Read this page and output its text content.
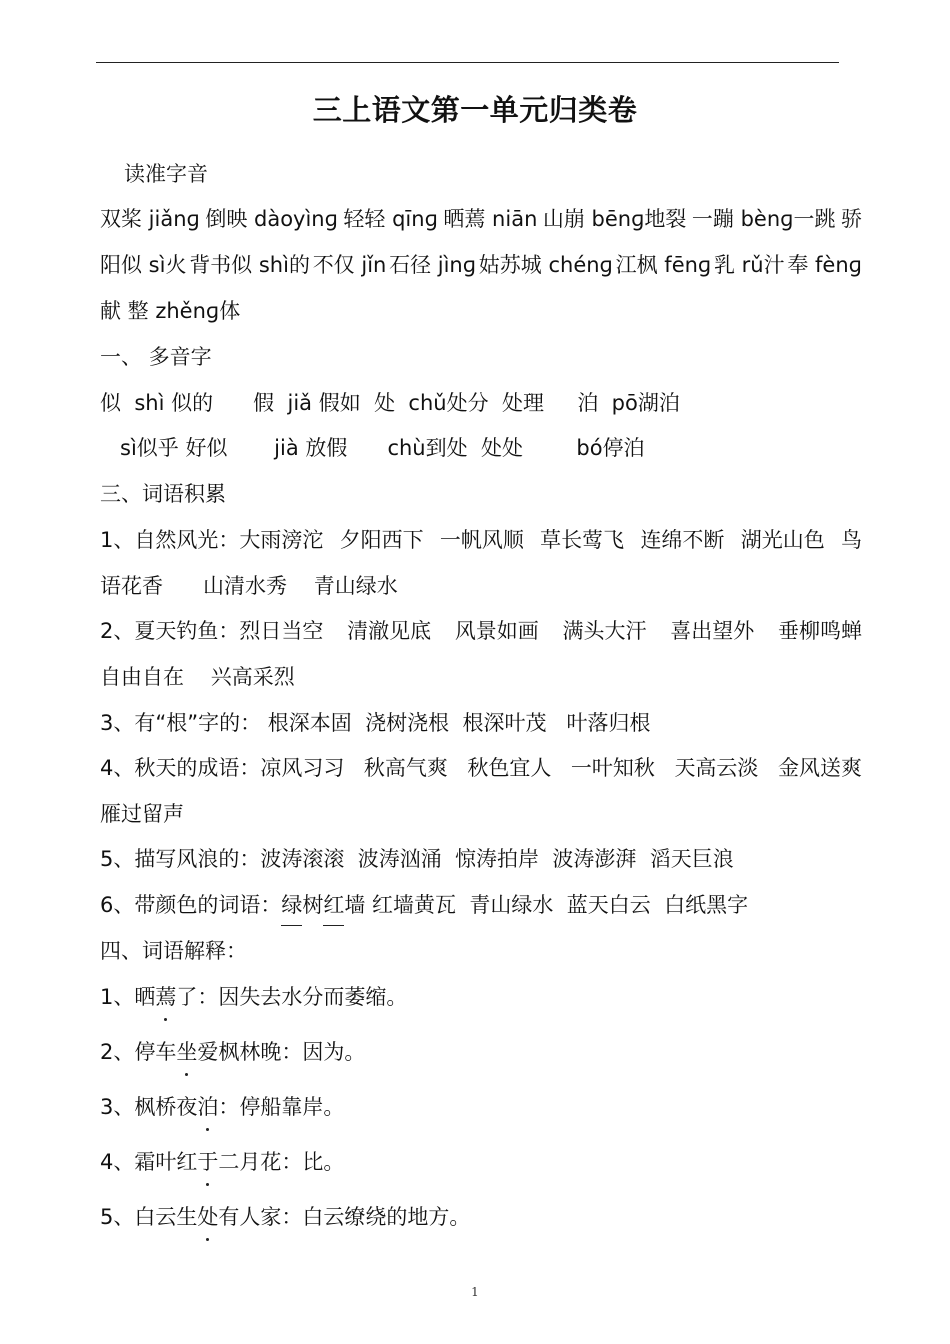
三上语文第一单元归类卷
读准字音
双桨 jiǎnɡ 倒映 dàoyìnɡ 轻轻 qīnɡ 晒蔫 niān 山崩 bēnɡ地裂 一蹦 bènɡ一跳 骄
阳似 sì火 背书似 shì的 不仅 jǐn 石径 jìnɡ 姑苏城 chénɡ 江枫 fēnɡ 乳 rǔ汁 奉 fènɡ
献 整 zhěnɡ体
一、 多音字
似  shì 似的      假  jiǎ 假如  处  chǔ处分  处理     泊  pō湖泊
sì似乎 好似       jià 放假      chù到处  处处        bó停泊
三、词语积累
1、自然风光：大雨滂沱 夕阳西下 一帆风顺 草长莺飞 连绵不断 湖光山色 鸟
语花香      山清水秀    青山绿水
2、夏天钓鱼：烈日当空 清澈见底 风景如画 满头大汗 喜出望外 垂柳鸣蝉
自由自在    兴高采烈
3、有“根”字的： 根深本固  浇树浇根  根深叶茂   叶落归根
4、秋天的成语：凉风习习 秋高气爽 秋色宜人 一叶知秋 天高云淡 金风送爽
雁过留声
5、描写风浪的：波涛滚滚  波涛汹涌  惊涛拍岸  波涛澎湃  滔天巨浪
6、带颜色的词语：绿树红墙 红墙黄瓦  青山绿水  蓝天白云  白纸黑字
四、词语解释：
1、晒蔫了：因失去水分而萎缩。
2、停车坐爱枫林晚：因为。
3、枫桥夜泊：停船靠岸。
4、霜叶红于二月花：比。
5、白云生处有人家：白云缭绕的地方。
1
